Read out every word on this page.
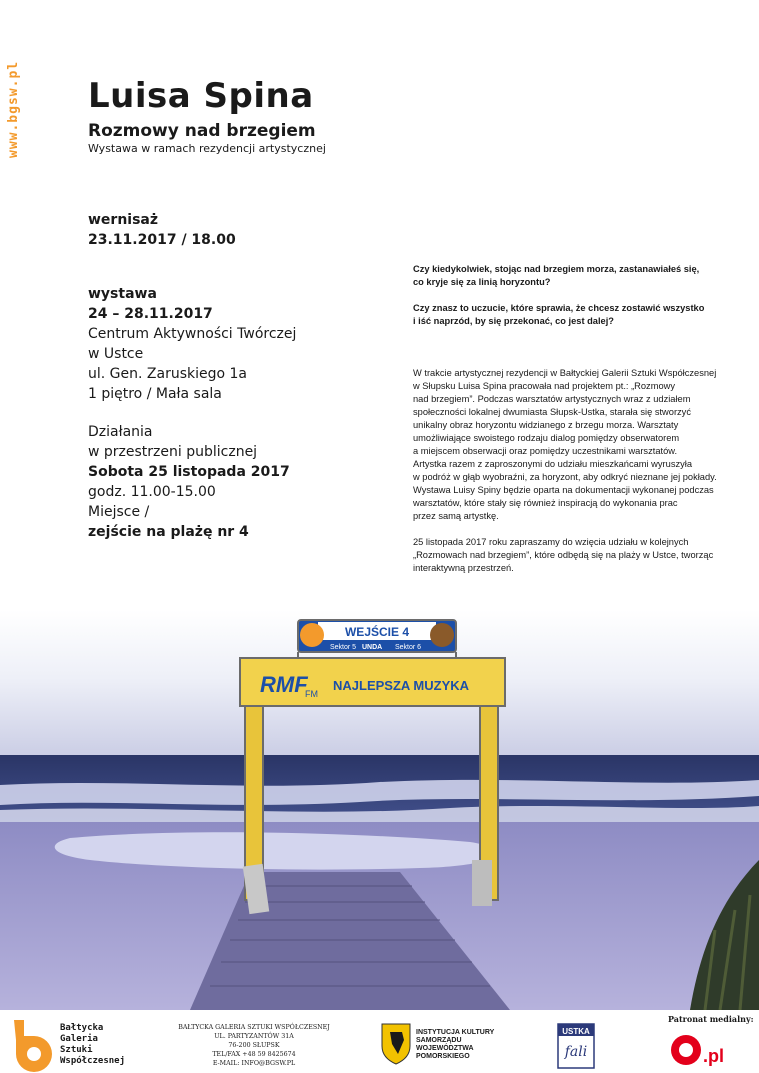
www.bgsw.pl Luisa Spina
Rozmowy nad brzegiem
Wystawa w ramach rezydencji artystycznej

wernisaż

23.11.2017 / 18.00

wystawa

24 – 28.11.2017

Centrum Aktywności Twórczej

w Ustce

ul. Gen. Zaruskiego 1a

1 piętro / Mała sala

Działania

w przestrzeni publicznej

Sobota 25 listopada 2017

godz. 11.00-15.00

Miejsce /

zejście na plażę nr 4

Czy kiedykolwiek, stojąc nad brzegiem morza, zastanawiałeś się,
co kryje się za linią horyzontu?

Czy znasz to uczucie, które sprawia, że chcesz zostawić wszystko
i iść naprzód, by się przekonać, co jest dalej?

W trakcie artystycznej rezydencji w Bałtyckiej Galerii Sztuki Współczesnej
w Słupsku Luisa Spina pracowała nad projektem pt.: „Rozmowy
nad brzegiem”. Podczas warsztatów artystycznych wraz z udziałem
społeczności lokalnej dwumiasta Słupsk-Ustka, starała się stworzyć
unikalny obraz horyzontu widzianego z brzegu morza. Warsztaty
umożliwiające swoistego rodzaju dialog pomiędzy obserwatorem
a miejscem obserwacji oraz pomiędzy uczestnikami warsztatów.
Artystka razem z zaproszonymi do udziału mieszkańcami wyruszyła
w podróż w głąb wyobraźni, za horyzont, aby odkryć nieznane jej pokłady.
Wystawa Luisy Spiny będzie oparta na dokumentacji wykonanej podczas
warsztatów, które stały się również inspiracją do wykonania prac
przez samą artystkę.

25 listopada 2017 roku zapraszamy do wzięcia udziału w kolejnych
„Rozmowach nad brzegiem”, które odbędą się na plaży w Ustce, tworząc
interaktywną przestrzeń.

RMF
FM
NAJLEPSZA MUZYKA
WEJŚCIE 4
Sektor 5 UNDA Sektor 6
Bałtycka
Galeria
Sztuki
Współczesnej
BAŁTYCKA GALERIA SZTUKI WSPÓŁCZESNEJ
UL. PARTYZANTÓW 31A
76-200 SŁUPSK
TEL/FAX +48 59 8425674
E-MAIL: INFO@BGSW.PL
INSTYTUCJA KULTURY
SAMORZĄDU
WOJEWÓDZTWA
POMORSKIEGO
USTKA
fali
Patronat medialny:
.pl
